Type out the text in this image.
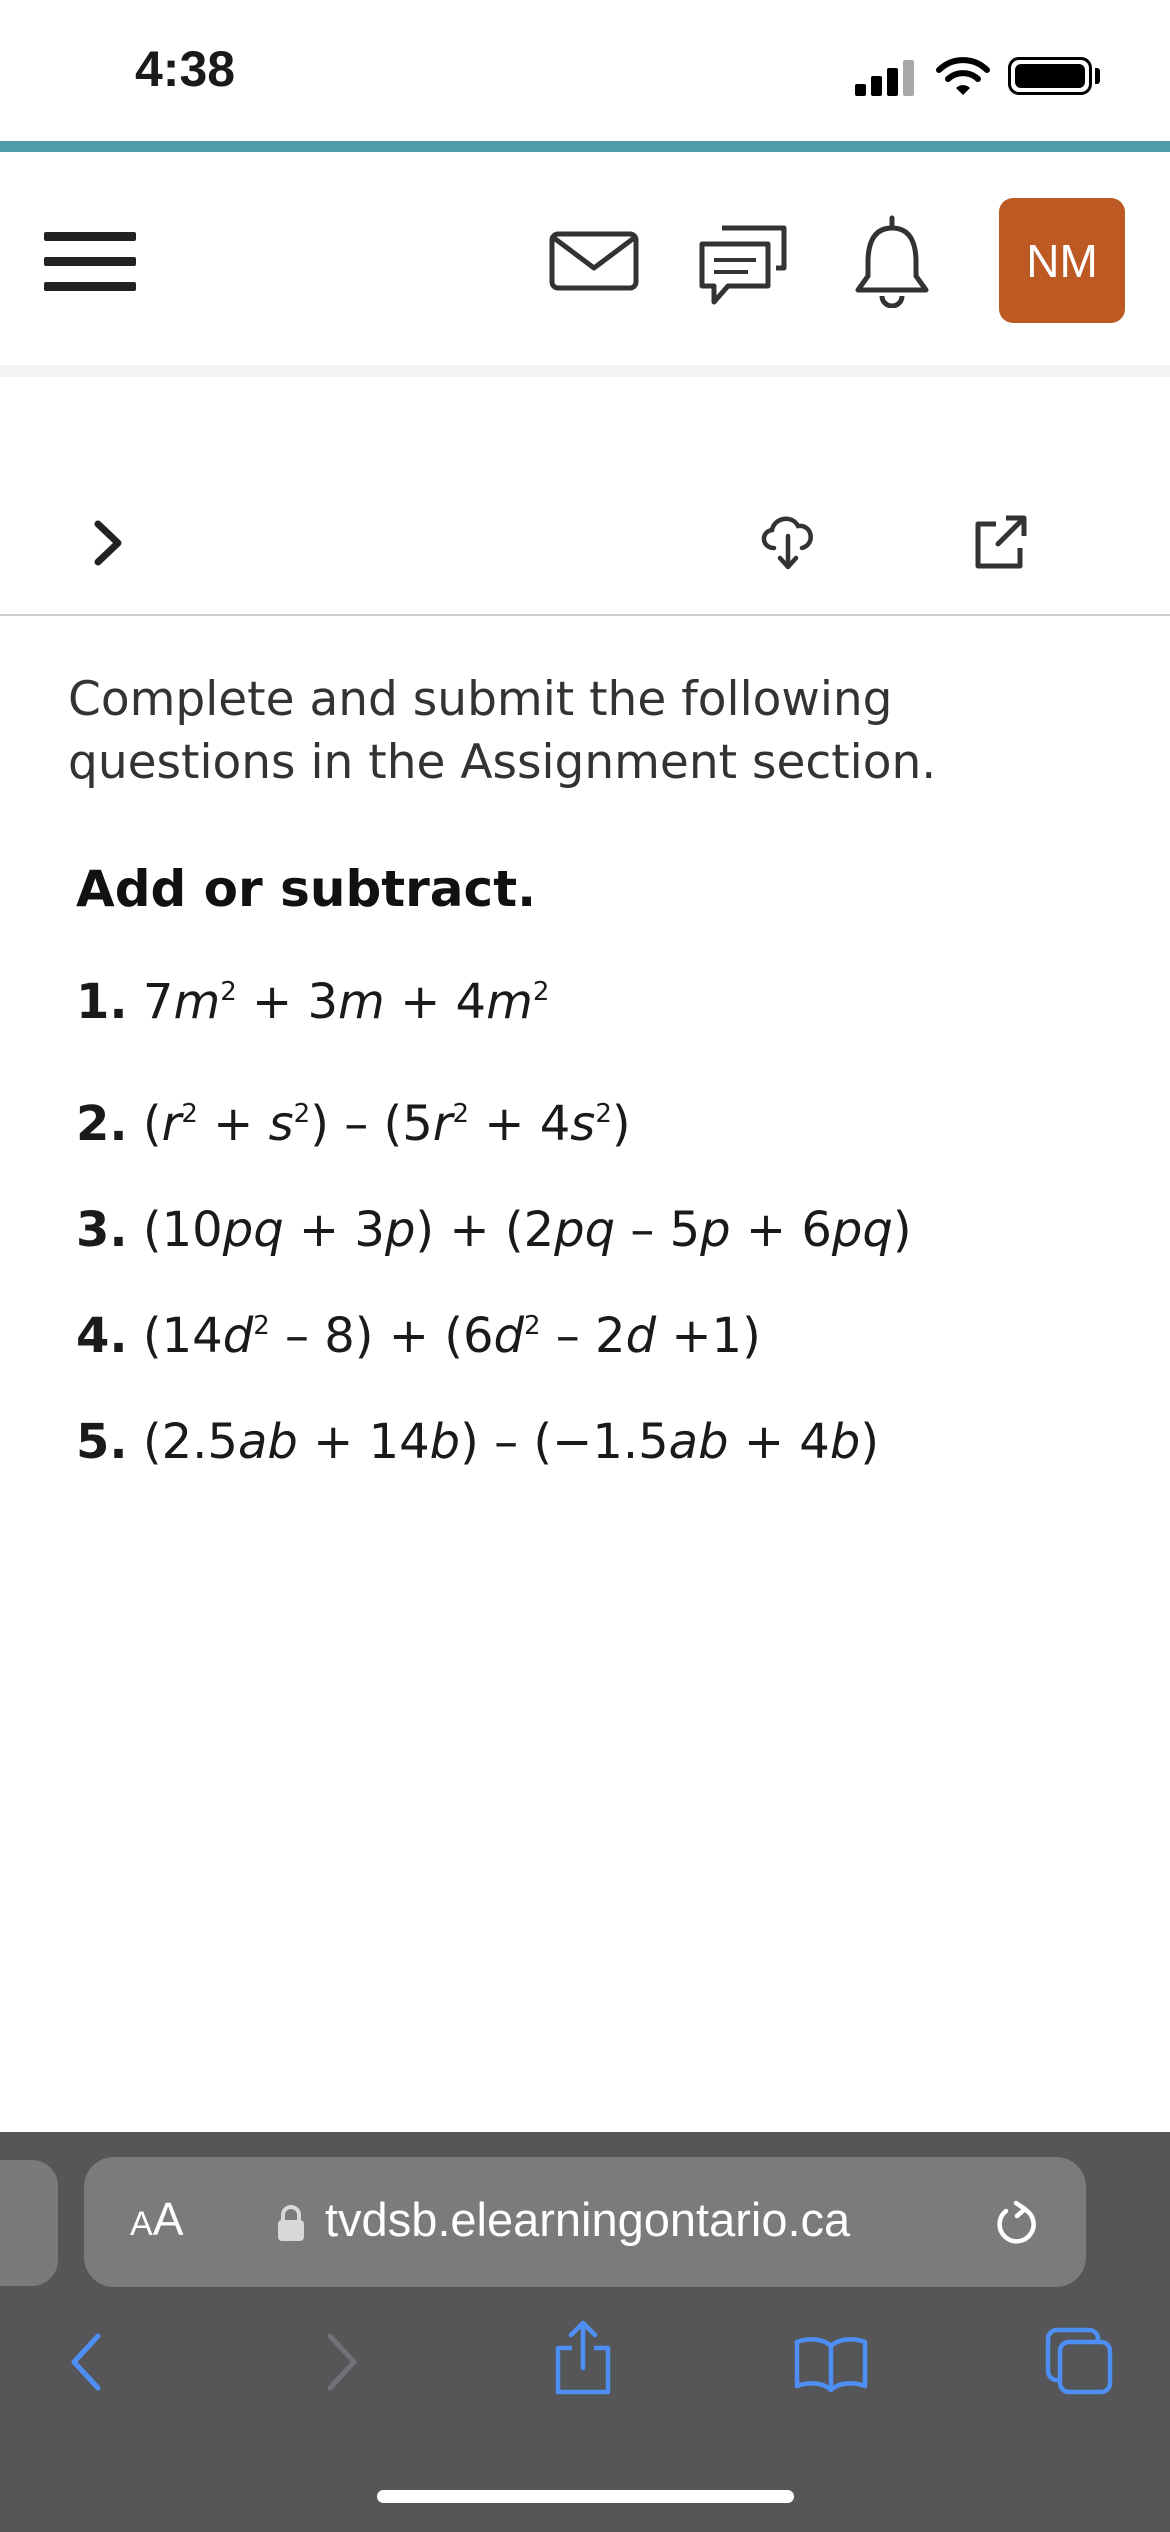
4:38
NM
Complete and submit the following
questions in the Assignment section.
Add or subtract.
1. $7m^2 + 3m + 4m^2$
2. $(r^2 + s^2) - (5r^2 + 4s^2)$
3. (10pq + 3p) + (2pq – 5p + 6pq)
4. $(14d^2 - 8) + (6d^2 - 2d +1)$
5. (2.5ab + 14b) – (−1.5ab + 4b)
AA	tvdsb.elearningontario.ca
